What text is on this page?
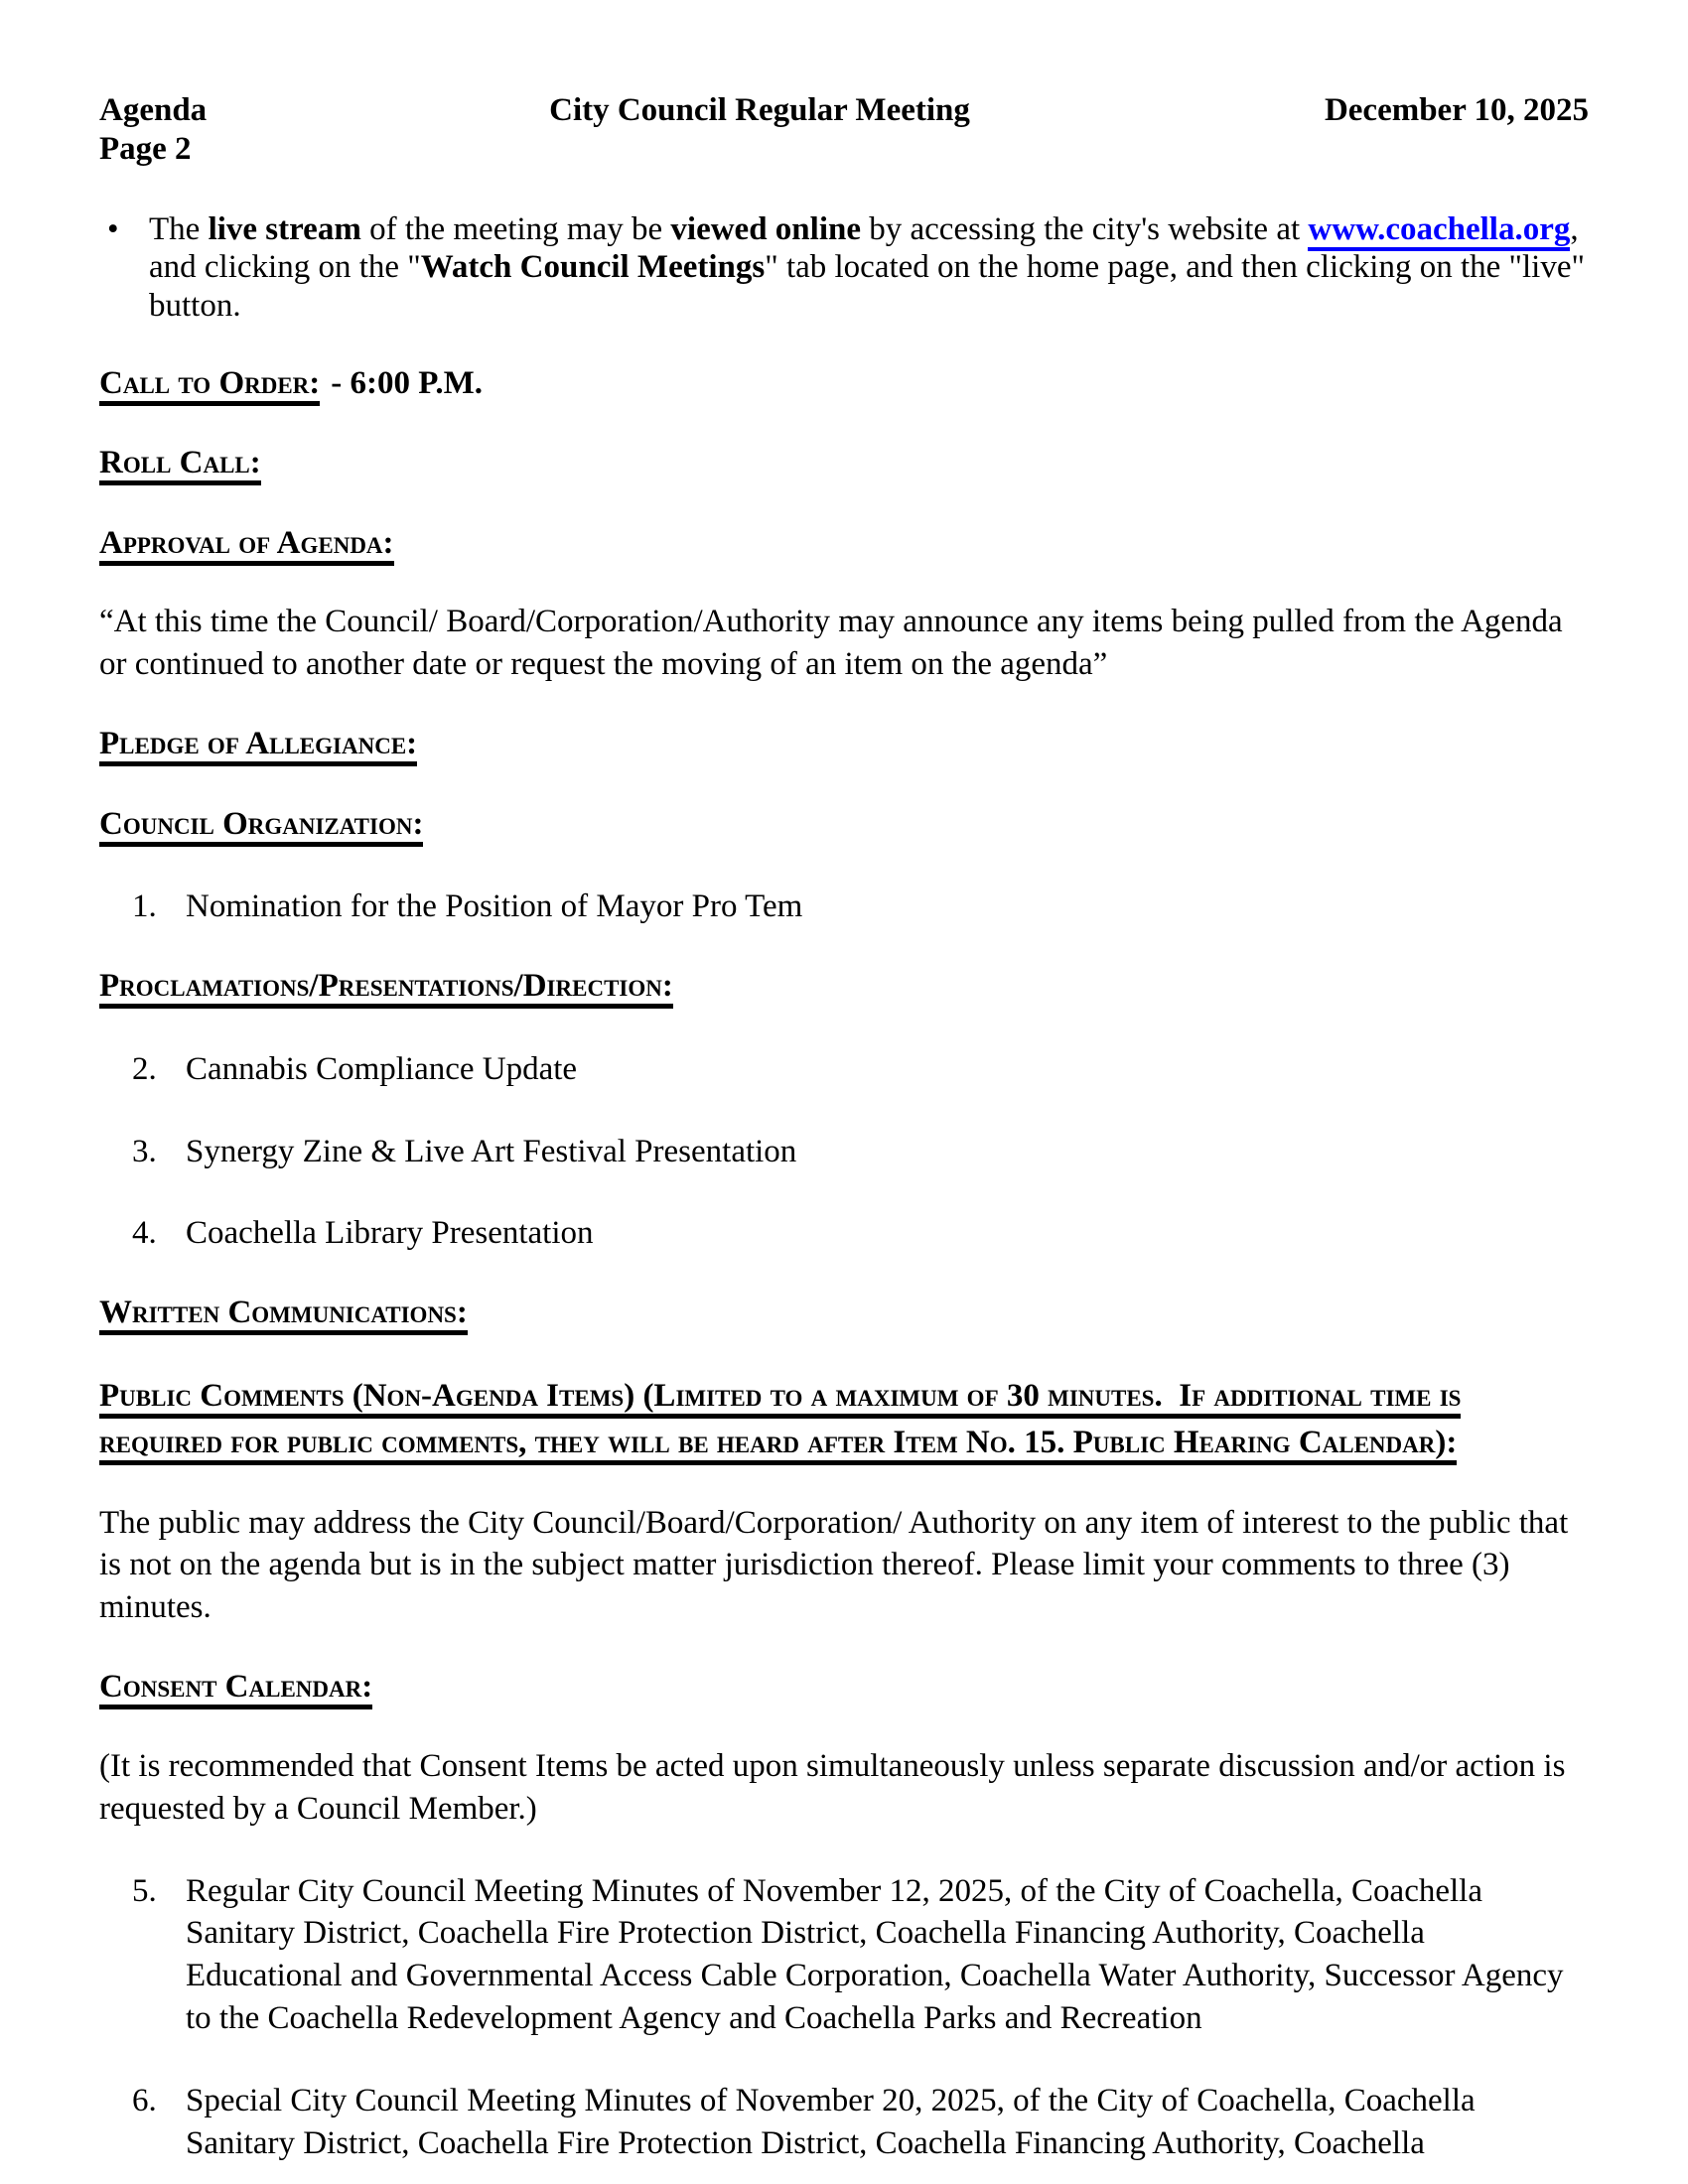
Agenda
Page 2
City Council Regular Meeting	December 10, 2025
• The live stream of the meeting may be viewed online by accessing the city's website at www.coachella.org, and clicking on the "Watch Council Meetings" tab located on the home page, and then clicking on the "live" button.

Call to Order: - 6:00 P.M.

Roll Call:

Approval of Agenda:

“At this time the Council/ Board/Corporation/Authority may announce any items being pulled from the Agenda or continued to another date or request the moving of an item on the agenda”

Pledge of Allegiance:

Council Organization:

1. Nomination for the Position of Mayor Pro Tem

Proclamations/Presentations/Direction:

2. Cannabis Compliance Update
3. Synergy Zine & Live Art Festival Presentation
4. Coachella Library Presentation

Written Communications:

Public Comments (Non-Agenda Items) (Limited to a maximum of 30 minutes.  If additional time is required for public comments, they will be heard after Item No. 15. Public Hearing Calendar):

The public may address the City Council/Board/Corporation/ Authority on any item of interest to the public that is not on the agenda but is in the subject matter jurisdiction thereof. Please limit your comments to three (3) minutes.

Consent Calendar:

(It is recommended that Consent Items be acted upon simultaneously unless separate discussion and/or action is requested by a Council Member.)

5. Regular City Council Meeting Minutes of November 12, 2025, of the City of Coachella, Coachella Sanitary District, Coachella Fire Protection District, Coachella Financing Authority, Coachella Educational and Governmental Access Cable Corporation, Coachella Water Authority, Successor Agency to the Coachella Redevelopment Agency and Coachella Parks and Recreation
6. Special City Council Meeting Minutes of November 20, 2025, of the City of Coachella, Coachella Sanitary District, Coachella Fire Protection District, Coachella Financing Authority, Coachella
